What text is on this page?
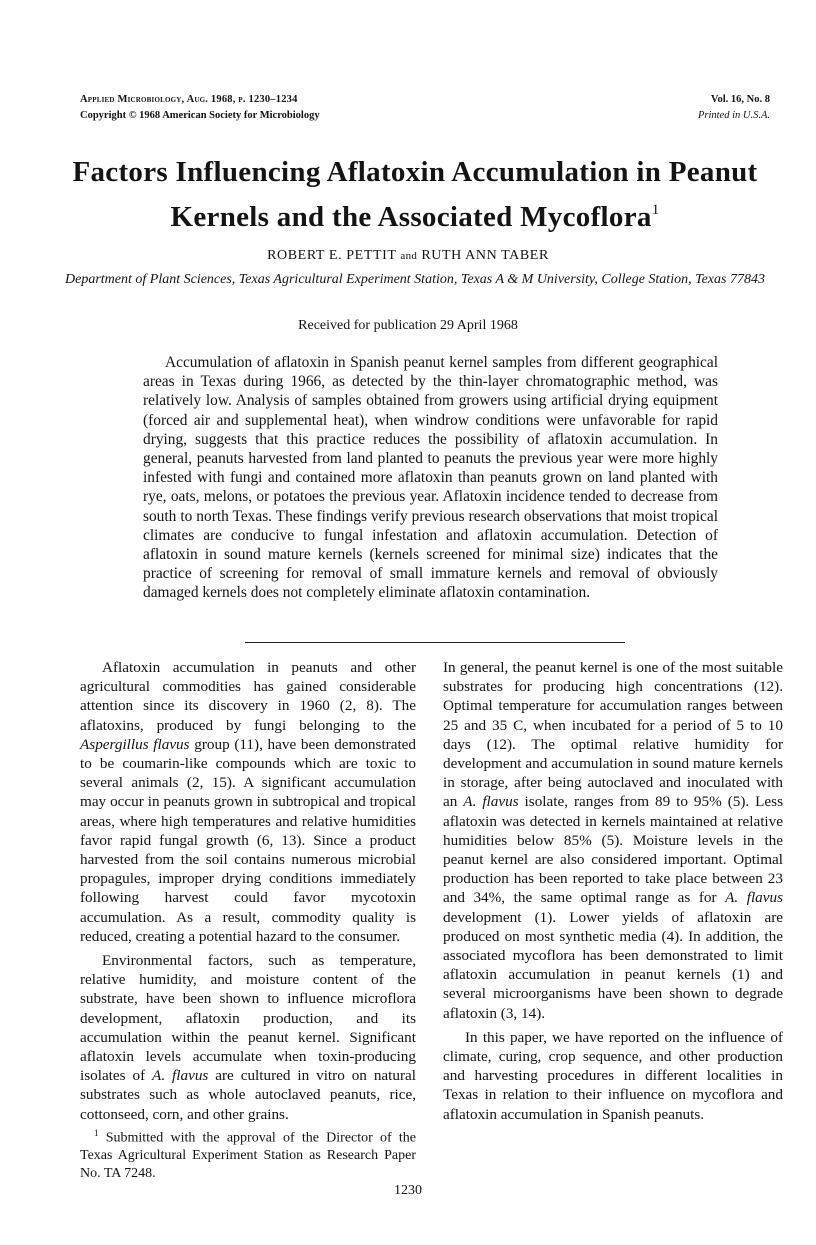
Applied Microbiology, Aug. 1968, p. 1230–1234
Copyright © 1968 American Society for Microbiology
Vol. 16, No. 8
Printed in U.S.A.
Factors Influencing Aflatoxin Accumulation in Peanut Kernels and the Associated Mycoflora$^1$
ROBERT E. PETTIT and RUTH ANN TABER
Department of Plant Sciences, Texas Agricultural Experiment Station, Texas A & M University, College Station, Texas 77843
Received for publication 29 April 1968

Accumulation of aflatoxin in Spanish peanut kernel samples from different geographical areas in Texas during 1966, as detected by the thin-layer chromatographic method, was relatively low. Analysis of samples obtained from growers using artificial drying equipment (forced air and supplemental heat), when windrow conditions were unfavorable for rapid drying, suggests that this practice reduces the possibility of aflatoxin accumulation. In general, peanuts harvested from land planted to peanuts the previous year were more highly infested with fungi and contained more aflatoxin than peanuts grown on land planted with rye, oats, melons, or potatoes the previous year. Aflatoxin incidence tended to decrease from south to north Texas. These findings verify previous research observations that moist tropical climates are conducive to fungal infestation and aflatoxin accumulation. Detection of aflatoxin in sound mature kernels (kernels screened for minimal size) indicates that the practice of screening for removal of small immature kernels and removal of obviously damaged kernels does not completely eliminate aflatoxin contamination.

Aflatoxin accumulation in peanuts and other agricultural commodities has gained considerable attention since its discovery in 1960 (2, 8). The aflatoxins, produced by fungi belonging to the Aspergillus flavus group (11), have been demonstrated to be coumarin-like compounds which are toxic to several animals (2, 15). A significant accumulation may occur in peanuts grown in subtropical and tropical areas, where high temperatures and relative humidities favor rapid fungal growth (6, 13). Since a product harvested from the soil contains numerous microbial propagules, improper drying conditions immediately following harvest could favor mycotoxin accumulation. As a result, commodity quality is reduced, creating a potential hazard to the consumer.

Environmental factors, such as temperature, relative humidity, and moisture content of the substrate, have been shown to influence microflora development, aflatoxin production, and its accumulation within the peanut kernel. Significant aflatoxin levels accumulate when toxin-producing isolates of A. flavus are cultured in vitro on natural substrates such as whole autoclaved peanuts, rice, cottonseed, corn, and other grains.

$^1$ Submitted with the approval of the Director of the Texas Agricultural Experiment Station as Research Paper No. TA 7248.

In general, the peanut kernel is one of the most suitable substrates for producing high concentrations (12). Optimal temperature for accumulation ranges between 25 and 35 C, when incubated for a period of 5 to 10 days (12). The optimal relative humidity for development and accumulation in sound mature kernels in storage, after being autoclaved and inoculated with an A. flavus isolate, ranges from 89 to 95% (5). Less aflatoxin was detected in kernels maintained at relative humidities below 85% (5). Moisture levels in the peanut kernel are also considered important. Optimal production has been reported to take place between 23 and 34%, the same optimal range as for A. flavus development (1). Lower yields of aflatoxin are produced on most synthetic media (4). In addition, the associated mycoflora has been demonstrated to limit aflatoxin accumulation in peanut kernels (1) and several microorganisms have been shown to degrade aflatoxin (3, 14).

In this paper, we have reported on the influence of climate, curing, crop sequence, and other production and harvesting procedures in different localities in Texas in relation to their influence on mycoflora and aflatoxin accumulation in Spanish peanuts.

1230
